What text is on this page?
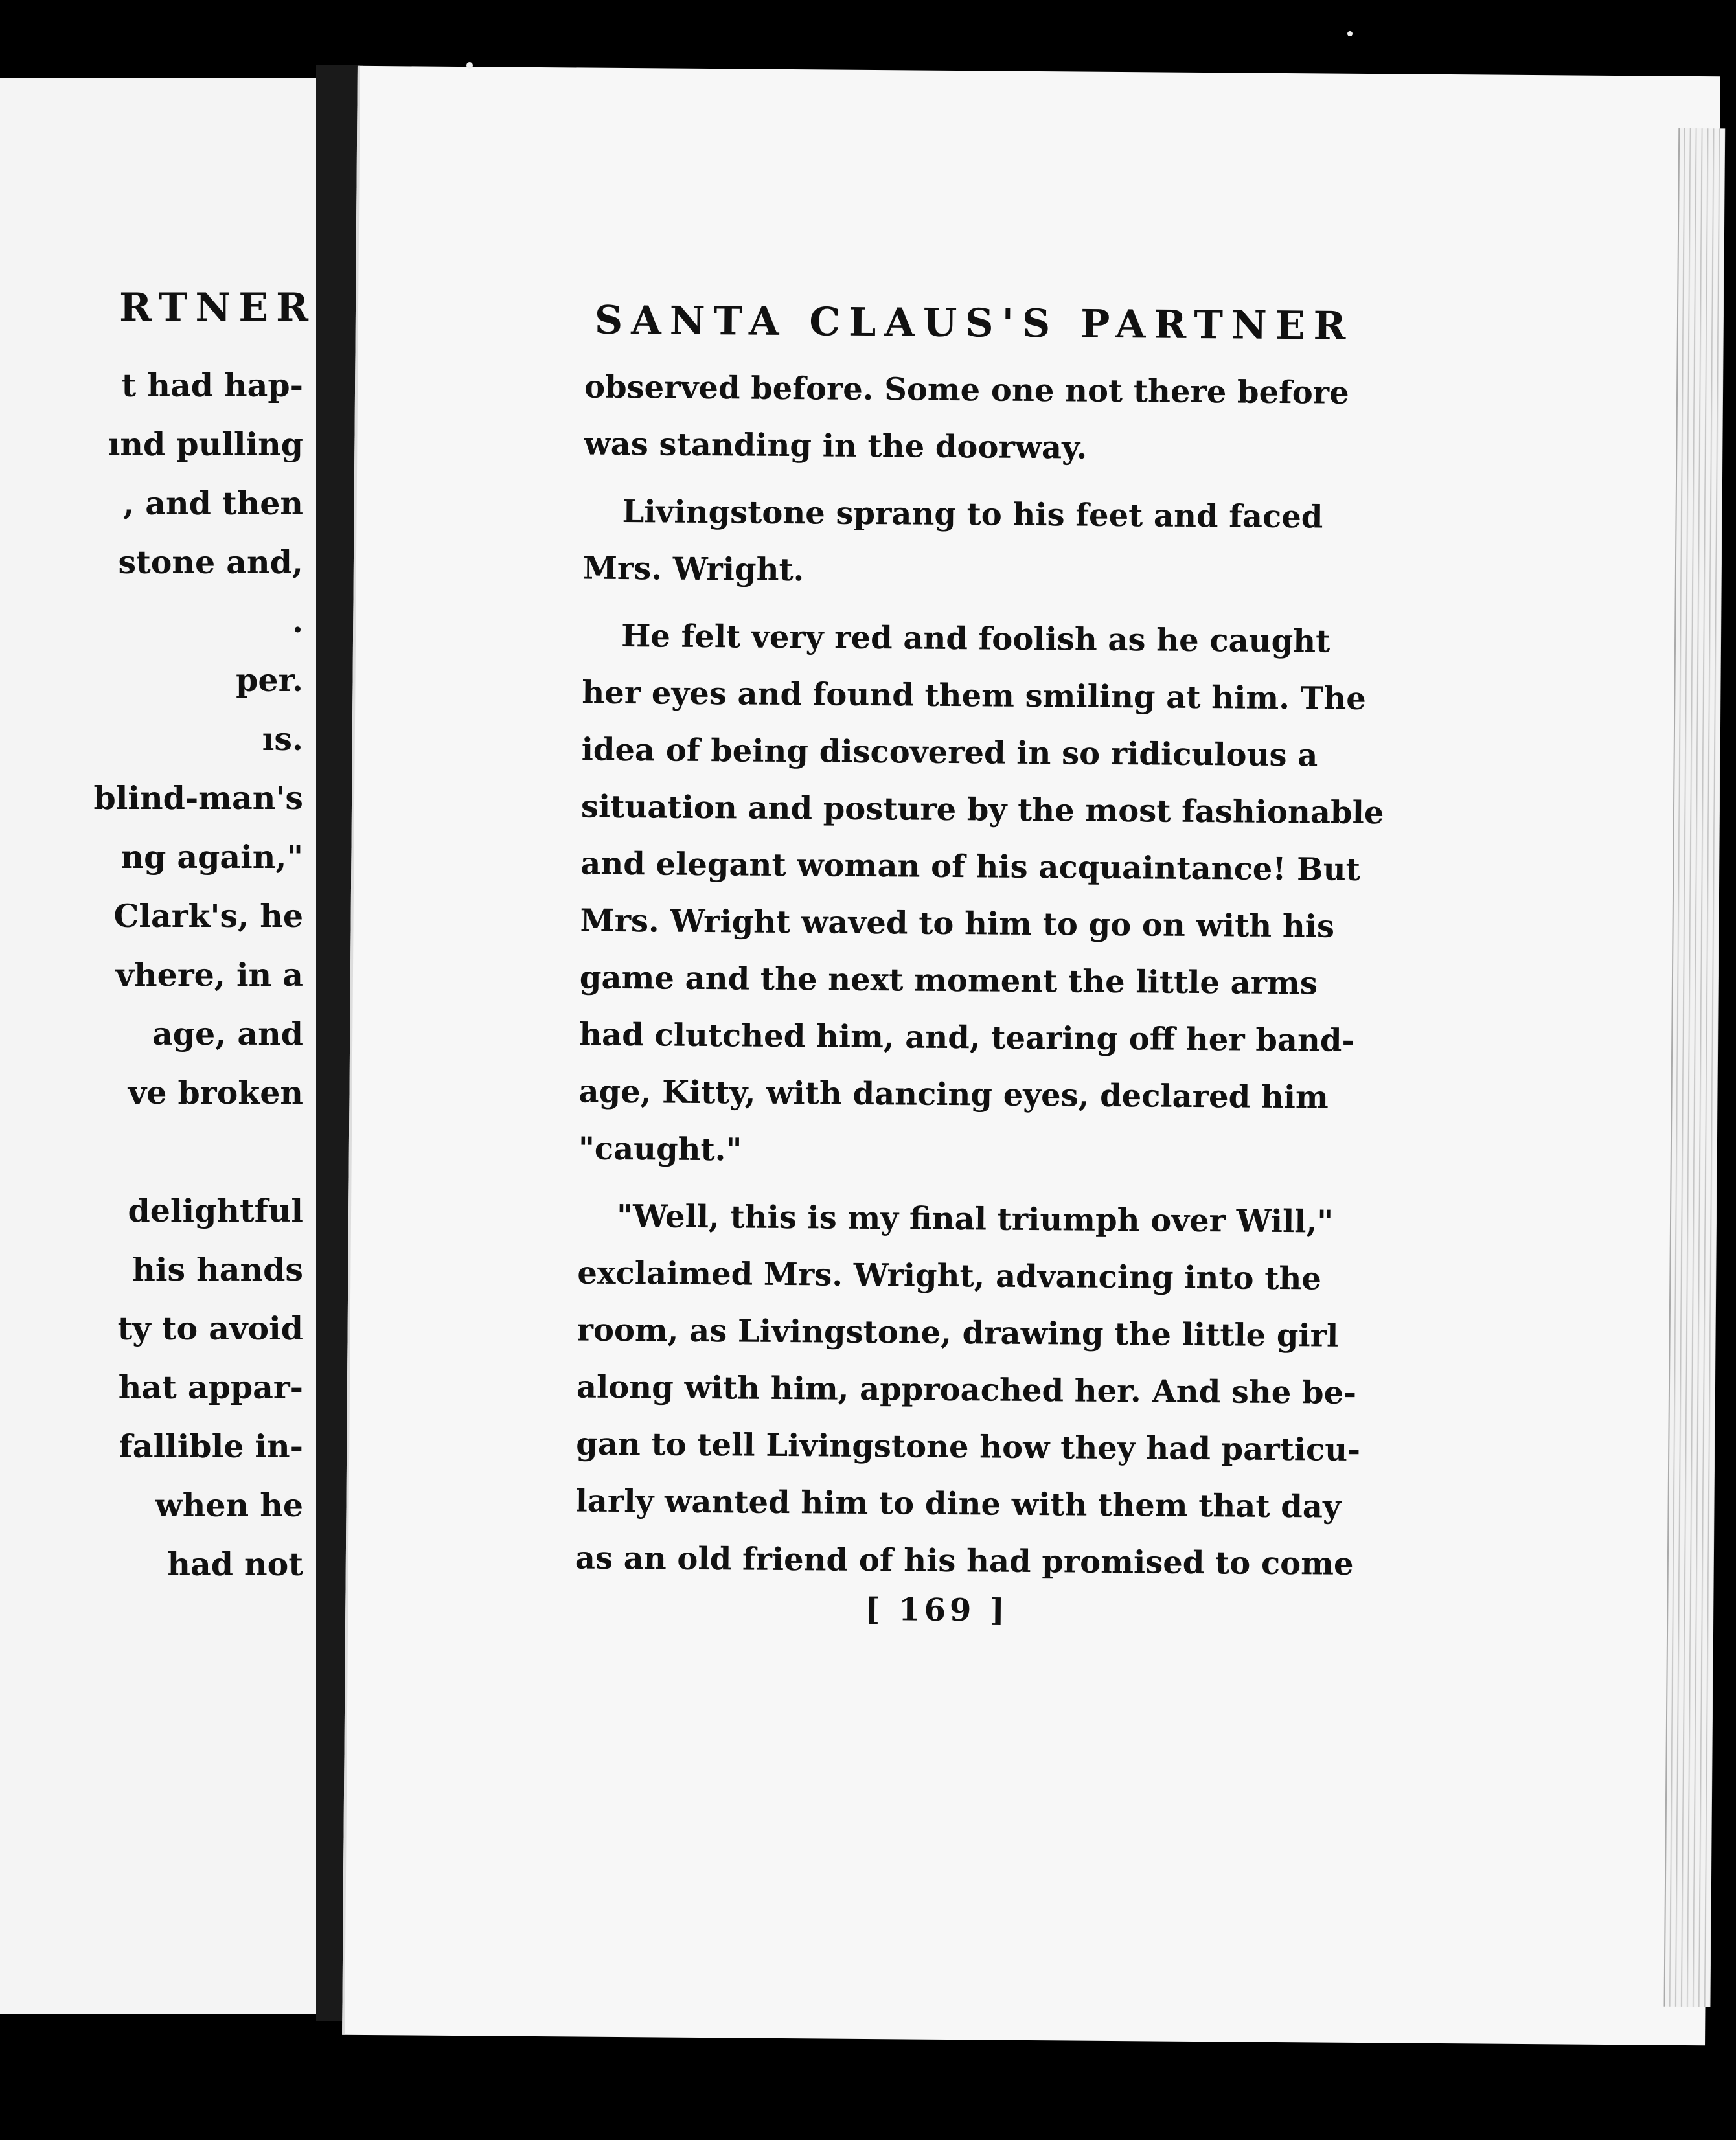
RTNER
t had hap-
ınd pulling
, and then
stone and,
.
per.
ıs.
blind-man's
ng again,"
Clark's, he
vhere, in a
age, and
ve broken
delightful
his hands
ty to avoid
hat appar-
fallible in-
when he
had not
SANTA CLAUS'S PARTNER
observed before. Some one not there before
was standing in the doorway.
Livingstone sprang to his feet and faced
Mrs. Wright.
He felt very red and foolish as he caught
her eyes and found them smiling at him. The
idea of being discovered in so ridiculous a
situation and posture by the most fashionable
and elegant woman of his acquaintance! But
Mrs. Wright waved to him to go on with his
game and the next moment the little arms
had clutched him, and, tearing off her band-
age, Kitty, with dancing eyes, declared him
"caught."
"Well, this is my final triumph over Will,"
exclaimed Mrs. Wright, advancing into the
room, as Livingstone, drawing the little girl
along with him, approached her. And she be-
gan to tell Livingstone how they had particu-
larly wanted him to dine with them that day
as an old friend of his had promised to come
[ 169 ]
